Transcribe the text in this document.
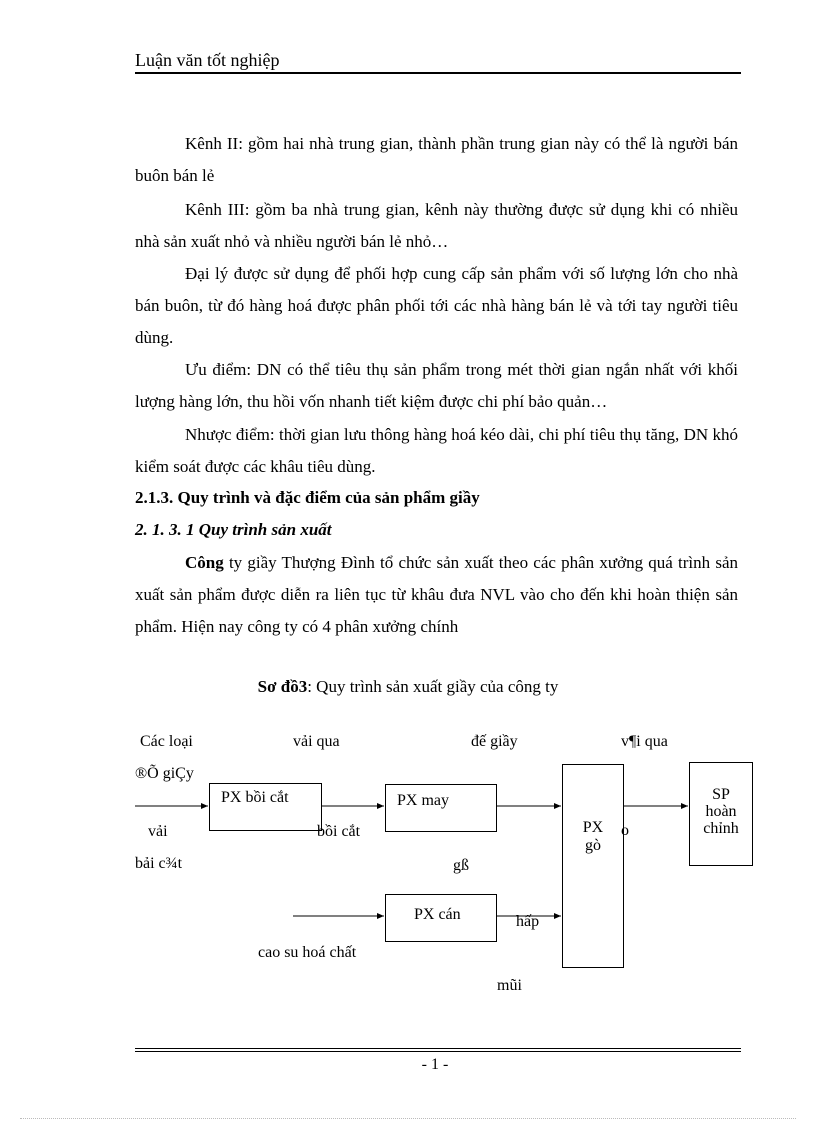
Luận văn tốt nghiệp

Kênh II: gồm hai nhà trung gian, thành phần trung gian này có thể là người bán buôn bán lẻ

Kênh III: gồm ba nhà trung gian, kênh này thường được sử dụng khi có nhiều nhà sản xuất nhỏ và nhiều người bán lẻ nhỏ…

Đại lý được sử dụng để phối hợp cung cấp sản phẩm với số lượng lớn cho nhà bán buôn, từ đó hàng hoá được phân phối tới các nhà hàng bán lẻ và tới tay người tiêu dùng.

Ưu điểm: DN có thể tiêu thụ sản phẩm trong mét thời gian ngắn nhất với khối lượng hàng lớn, thu hồi vốn nhanh tiết kiệm được chi phí bảo quản…

Nhược điểm: thời gian lưu thông hàng hoá kéo dài, chi phí tiêu thụ tăng, DN khó kiểm soát được các khâu tiêu dùng.

2.1.3. Quy trình và đặc điểm của sản phẩm giầy
2. 1. 3. 1 Quy trình sản xuất

Công ty giầy Thượng Đình tổ chức sản xuất theo các phân xưởng quá trình sản xuất sản phẩm được diễn ra liên tục từ khâu đưa NVL vào cho đến khi hoàn thiện sản phẩm. Hiện nay công ty có 4 phân xưởng chính

Sơ đồ3: Quy trình sản xuất giầy của công ty
PX bồi cắt	PX may
PX cán
PX
gò
SP
hoàn
chỉnh
Các loại	vải qua	đế giầy	v¶i qua
®Õ giÇy
vải	bồi cắt	o
bải c¾t	gß
hấp
cao su hoá chất
mũi
- 1 -
